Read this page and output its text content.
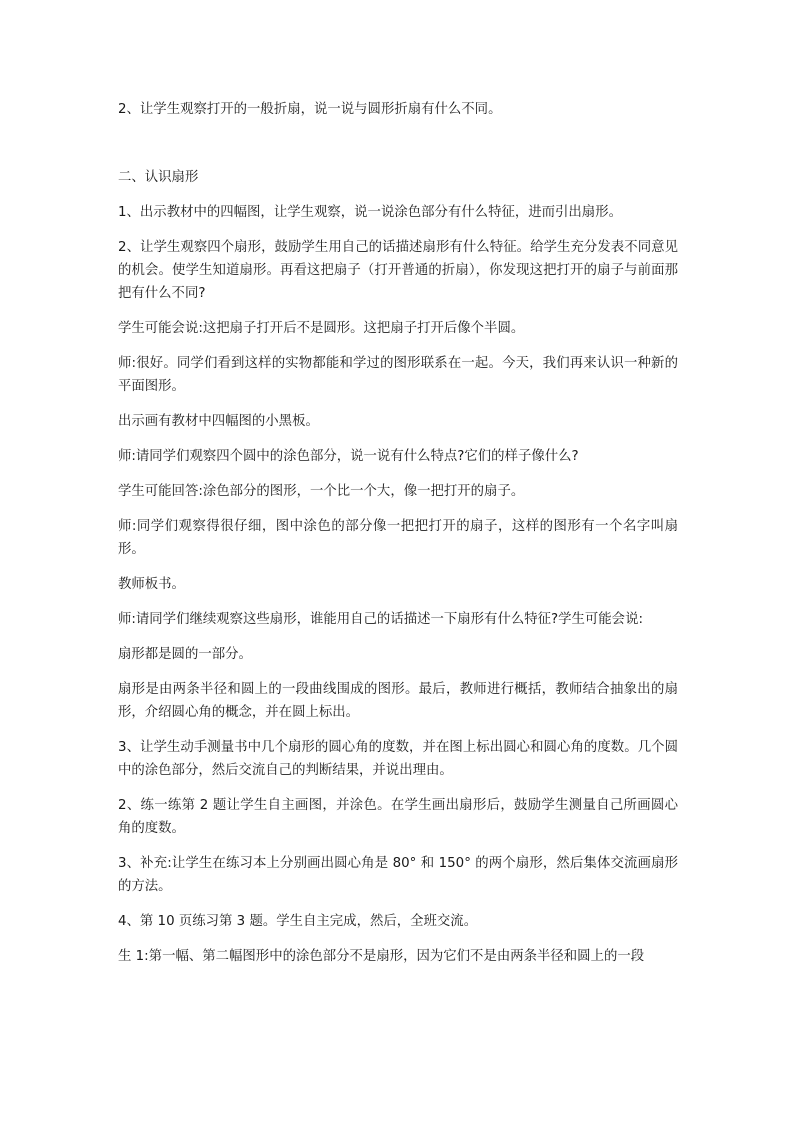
2、让学生观察打开的一般折扇，说一说与圆形折扇有什么不同。

二、认识扇形

1、出示教材中的四幅图，让学生观察，说一说涂色部分有什么特征，进而引出扇形。

2、让学生观察四个扇形，鼓励学生用自己的话描述扇形有什么特征。给学生充分发表不同意见的机会。使学生知道扇形。再看这把扇子（打开普通的折扇），你发现这把打开的扇子与前面那把有什么不同?

学生可能会说:这把扇子打开后不是圆形。这把扇子打开后像个半圆。

师:很好。同学们看到这样的实物都能和学过的图形联系在一起。今天，我们再来认识一种新的平面图形。

出示画有教材中四幅图的小黑板。

师:请同学们观察四个圆中的涂色部分，说一说有什么特点?它们的样子像什么?

学生可能回答:涂色部分的图形，一个比一个大，像一把打开的扇子。

师:同学们观察得很仔细，图中涂色的部分像一把把打开的扇子，这样的图形有一个名字叫扇形。

教师板书。

师:请同学们继续观察这些扇形，谁能用自己的话描述一下扇形有什么特征?学生可能会说:

扇形都是圆的一部分。

扇形是由两条半径和圆上的一段曲线围成的图形。最后，教师进行概括，教师结合抽象出的扇形，介绍圆心角的概念，并在圆上标出。

3、让学生动手测量书中几个扇形的圆心角的度数，并在图上标出圆心和圆心角的度数。几个圆中的涂色部分，然后交流自己的判断结果，并说出理由。

2、练一练第 2 题让学生自主画图，并涂色。在学生画出扇形后，鼓励学生测量自己所画圆心角的度数。

3、补充:让学生在练习本上分别画出圆心角是 80° 和 150° 的两个扇形，然后集体交流画扇形的方法。

4、第 10 页练习第 3 题。学生自主完成，然后，全班交流。

生 1:第一幅、第二幅图形中的涂色部分不是扇形，因为它们不是由两条半径和圆上的一段
